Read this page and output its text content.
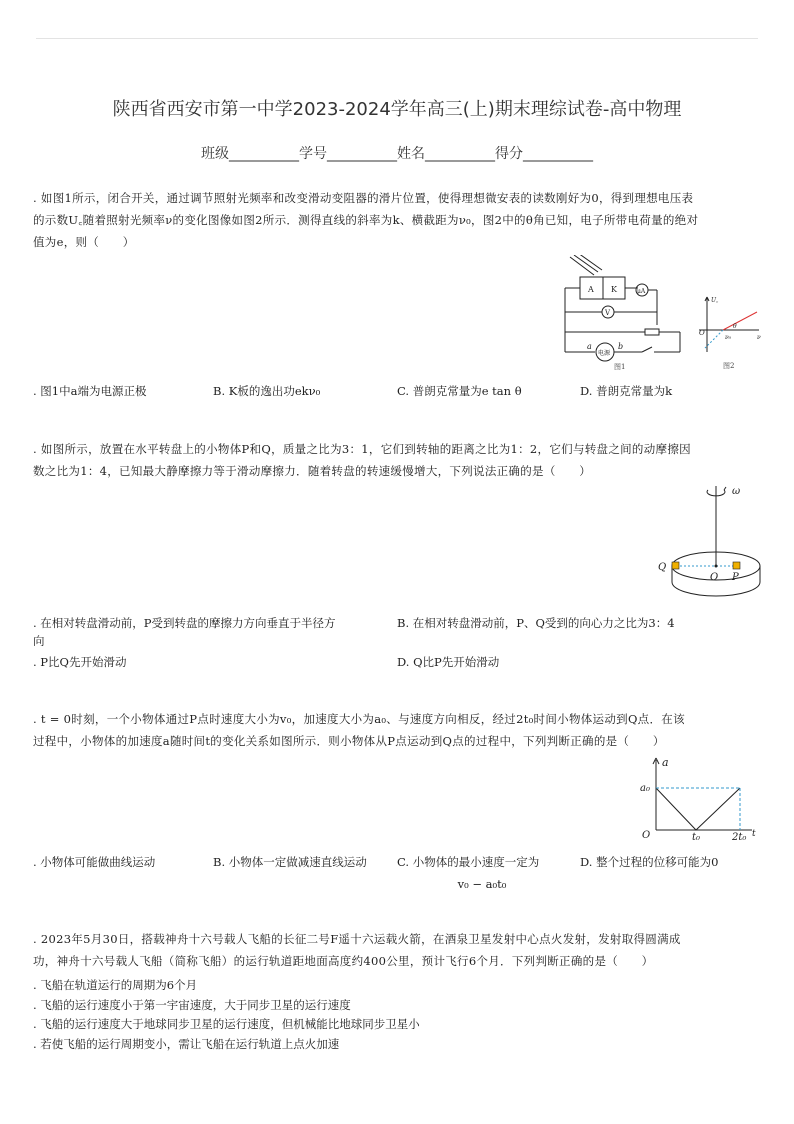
陕西省西安市第一中学2023-2024学年高三(上)期末理综试卷-高中物理
班级__________学号__________姓名__________得分__________
. 如图1所示，闭合开关，通过调节照射光频率和改变滑动变阻器的滑片位置，使得理想微安表的读数刚好为0，得到理想电压表
的示数U꜀随着照射光频率ν的变化图像如图2所示．测得直线的斜率为k、横截距为ν₀，图2中的θ角已知，电子所带电荷量的绝对
值为e，则（　　）
A K	μA
V
电源
a	b
图1
U꜀
O
θ
ν₀	ν
图2
. 图1中a端为电源正极	B. K板的逸出功ekν₀	C. 普朗克常量为e tan θ	D. 普朗克常量为k
. 如图所示，放置在水平转盘上的小物体P和Q，质量之比为3：1，它们到转轴的距离之比为1：2，它们与转盘之间的动摩擦因
数之比为1：4，已知最大静摩擦力等于滑动摩擦力．随着转盘的转速缓慢增大，下列说法正确的是（　　）
ω
Q
O P
. 在相对转盘滑动前，P受到转盘的摩擦力方向垂直于半径方
向
B. 在相对转盘滑动前，P、Q受到的向心力之比为3：4
. P比Q先开始滑动	D. Q比P先开始滑动
. t = 0时刻，一个小物体通过P点时速度大小为v₀，加速度大小为a₀、与速度方向相反，经过2t₀时间小物体运动到Q点．在该
过程中，小物体的加速度a随时间t的变化关系如图所示．则小物体从P点运动到Q点的过程中，下列判断正确的是（　　）
a
a₀
O	t₀	2t₀ t
. 小物体可能做曲线运动	B. 小物体一定做减速直线运动	C. 小物体的最小速度一定为
v₀ − a₀t₀
D. 整个过程的位移可能为0
. 2023年5月30日，搭载神舟十六号载人飞船的长征二号F遥十六运载火箭，在酒泉卫星发射中心点火发射，发射取得圆满成
功，神舟十六号载人飞船（简称飞船）的运行轨道距地面高度约400公里，预计飞行6个月．下列判断正确的是（　　）
. 飞船在轨道运行的周期为6个月
. 飞船的运行速度小于第一宇宙速度，大于同步卫星的运行速度
. 飞船的运行速度大于地球同步卫星的运行速度，但机械能比地球同步卫星小
. 若使飞船的运行周期变小，需让飞船在运行轨道上点火加速
